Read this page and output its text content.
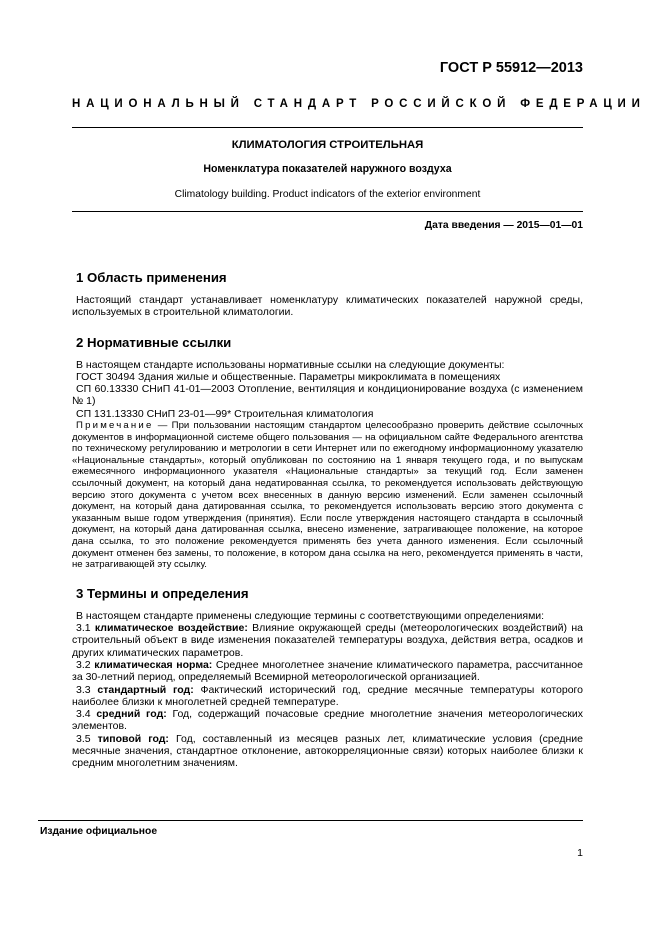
ГОСТ Р 55912—2013
НАЦИОНАЛЬНЫЙ СТАНДАРТ РОССИЙСКОЙ ФЕДЕРАЦИИ
КЛИМАТОЛОГИЯ СТРОИТЕЛЬНАЯ
Номенклатура показателей наружного воздуха
Climatology building. Product indicators of the exterior environment
Дата введения — 2015—01—01
1 Область применения

Настоящий стандарт устанавливает номенклатуру климатических показателей наружной среды, используемых в строительной климатологии.

2 Нормативные ссылки

В настоящем стандарте использованы нормативные ссылки на следующие документы:

ГОСТ 30494 Здания жилые и общественные. Параметры микроклимата в помещениях

СП 60.13330 СНиП 41-01—2003 Отопление, вентиляция и кондиционирование воздуха (с изменением № 1)

СП 131.13330 СНиП 23-01—99* Строительная климатология

Примечание — При пользовании настоящим стандартом целесообразно проверить действие ссылочных документов в информационной системе общего пользования — на официальном сайте Федерального агентства по техническому регулированию и метрологии в сети Интернет или по ежегодному информационному указателю «Национальные стандарты», который опубликован по состоянию на 1 января текущего года, и по выпускам ежемесячного информационного указателя «Национальные стандарты» за текущий год. Если заменен ссылочный документ, на который дана недатированная ссылка, то рекомендуется использовать действующую версию этого документа с учетом всех внесенных в данную версию изменений. Если заменен ссылочный документ, на который дана датированная ссылка, то рекомендуется использовать версию этого документа с указанным выше годом утверждения (принятия). Если после утверждения настоящего стандарта в ссылочный документ, на который дана датированная ссылка, внесено изменение, затрагивающее положение, на которое дана ссылка, то это положение рекомендуется применять без учета данного изменения. Если ссылочный документ отменен без замены, то положение, в котором дана ссылка на него, рекомендуется применять в части, не затрагивающей эту ссылку.

3 Термины и определения

В настоящем стандарте применены следующие термины с соответствующими определениями:

3.1 климатическое воздействие: Влияние окружающей среды (метеорологических воздействий) на строительный объект в виде изменения показателей температуры воздуха, действия ветра, осадков и других климатических параметров.

3.2 климатическая норма: Среднее многолетнее значение климатического параметра, рассчитанное за 30-летний период, определяемый Всемирной метеорологической организацией.

3.3 стандартный год: Фактический исторический год, средние месячные температуры которого наиболее близки к многолетней средней температуре.

3.4 средний год: Год, содержащий почасовые средние многолетние значения метеорологических элементов.

3.5 типовой год: Год, составленный из месяцев разных лет, климатические условия (средние месячные значения, стандартное отклонение, автокорреляционные связи) которых наиболее близки к средним многолетним значениям.

Издание официальное
1
